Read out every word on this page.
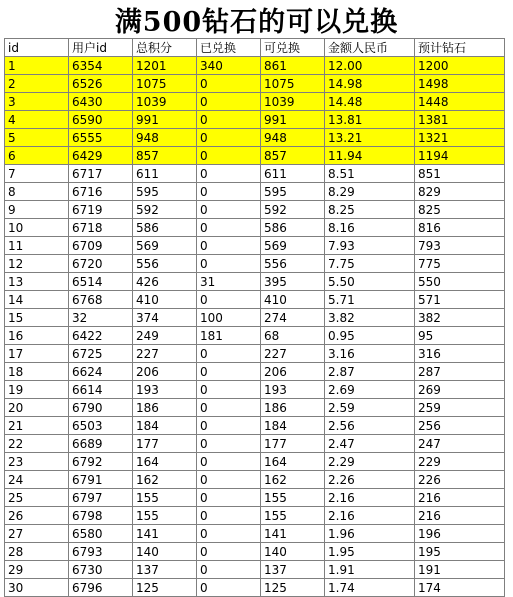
满500钻石的可以兑换
id	用户id	总积分	已兑换	可兑换	金额人民币	预计钻石
1	6354	1201	340	861	12.00	1200
2	6526	1075	0	1075	14.98	1498
3	6430	1039	0	1039	14.48	1448
4	6590	991	0	991	13.81	1381
5	6555	948	0	948	13.21	1321
6	6429	857	0	857	11.94	1194
7	6717	611	0	611	8.51	851
8	6716	595	0	595	8.29	829
9	6719	592	0	592	8.25	825
10	6718	586	0	586	8.16	816
11	6709	569	0	569	7.93	793
12	6720	556	0	556	7.75	775
13	6514	426	31	395	5.50	550
14	6768	410	0	410	5.71	571
15	32	374	100	274	3.82	382
16	6422	249	181	68	0.95	95
17	6725	227	0	227	3.16	316
18	6624	206	0	206	2.87	287
19	6614	193	0	193	2.69	269
20	6790	186	0	186	2.59	259
21	6503	184	0	184	2.56	256
22	6689	177	0	177	2.47	247
23	6792	164	0	164	2.29	229
24	6791	162	0	162	2.26	226
25	6797	155	0	155	2.16	216
26	6798	155	0	155	2.16	216
27	6580	141	0	141	1.96	196
28	6793	140	0	140	1.95	195
29	6730	137	0	137	1.91	191
30	6796	125	0	125	1.74	174
